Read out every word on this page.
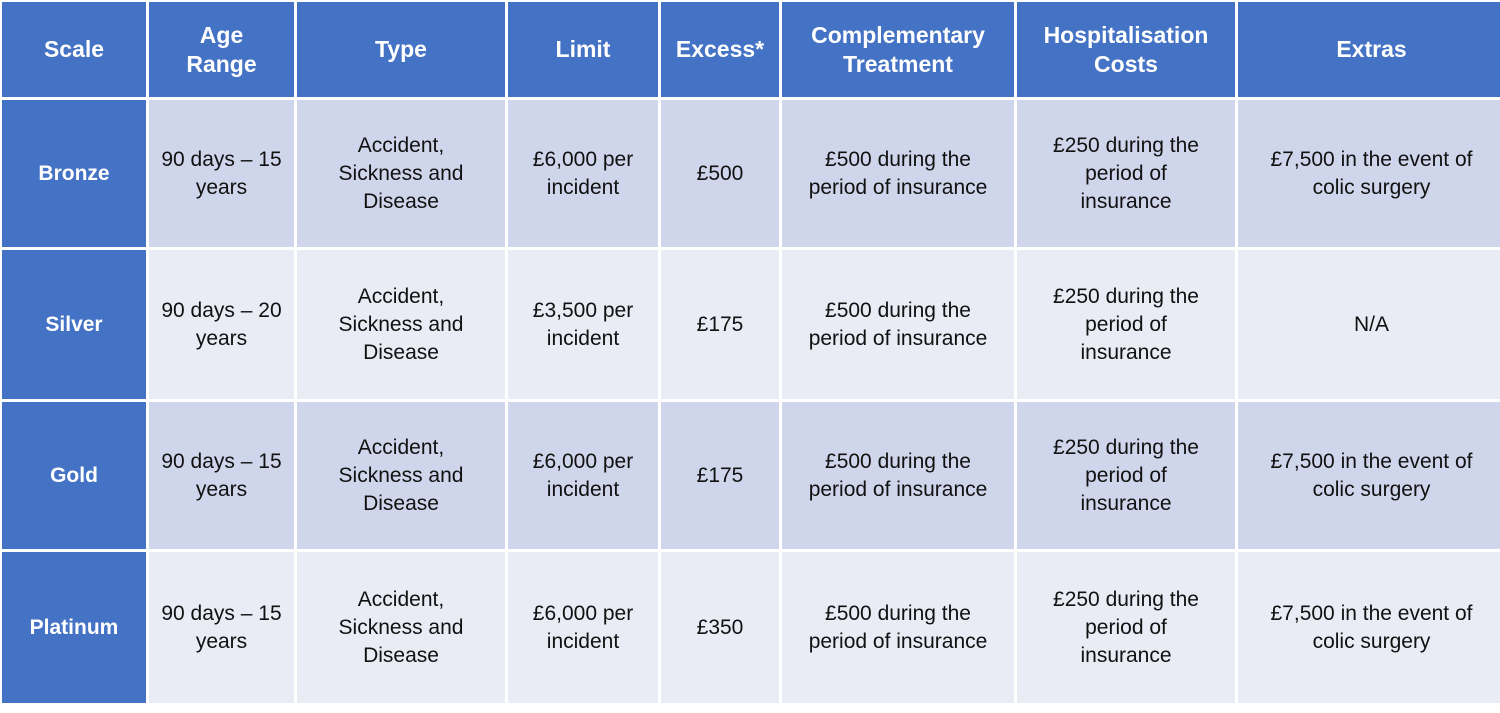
Scale
Age Range
Type	Limit	Excess*
Complementary Treatment
Hospitalisation Costs
Extras
Bronze
90 days – 15 years
Accident, Sickness and Disease
£6,000 per incident
£500
£500 during the period of insurance
£250 during the period of insurance
£7,500 in the event of colic surgery
Silver
90 days – 20 years
Accident, Sickness and Disease
£3,500 per incident
£175
£500 during the period of insurance
£250 during the period of insurance
N/A
Gold
90 days – 15 years
Accident, Sickness and Disease
£6,000 per incident
£175
£500 during the period of insurance
£250 during the period of insurance
£7,500 in the event of colic surgery
Platinum
90 days – 15 years
Accident, Sickness and Disease
£6,000 per incident
£350
£500 during the period of insurance
£250 during the period of insurance
£7,500 in the event of colic surgery
